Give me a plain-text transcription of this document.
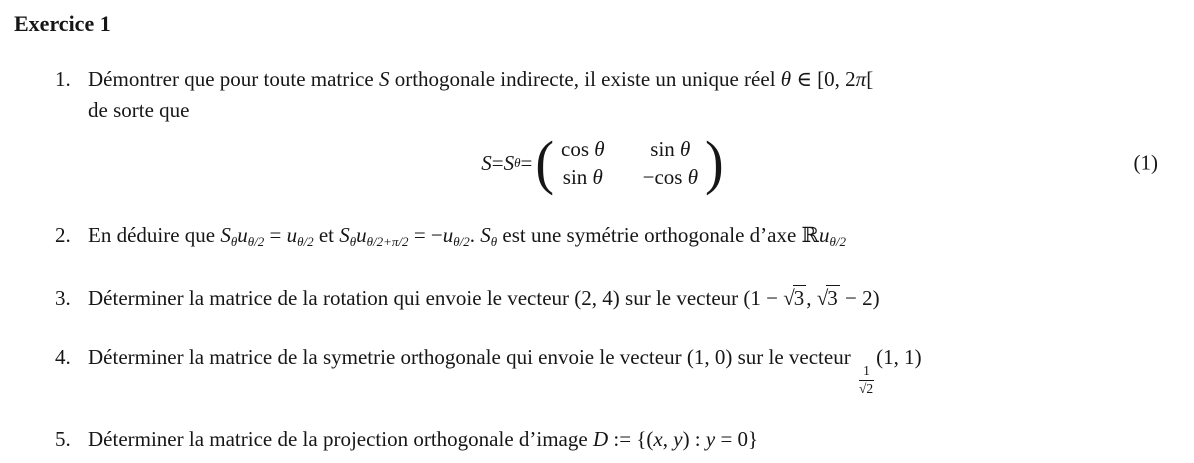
Exercice 1
1. Démontrer que pour toute matrice S orthogonale indirecte, il existe un unique réel θ ∈ [0, 2π[
de sorte que
S = S θ = ( cos θ	sin θ
sin θ −cos θ )	(1)
2. En déduire que $S_\theta u_{\theta/2} = u_{\theta/2}$ et $S_\theta u_{\theta/2+\pi/2} = -u_{\theta/2}$. $S_\theta$ est une symétrie orthogonale d’axe ℝu$_{\theta/2}$
3. Déterminer la matrice de la rotation qui envoie le vecteur (2, 4) sur le vecteur (1 − √3, √3 − 2)
4. Déterminer la matrice de la symetrie orthogonale qui envoie le vecteur (1, 0) sur le vecteur
$\frac{1}{√2}$
(1, 1)
5. Déterminer la matrice de la projection orthogonale d’image D := {(x, y) : y = 0}
